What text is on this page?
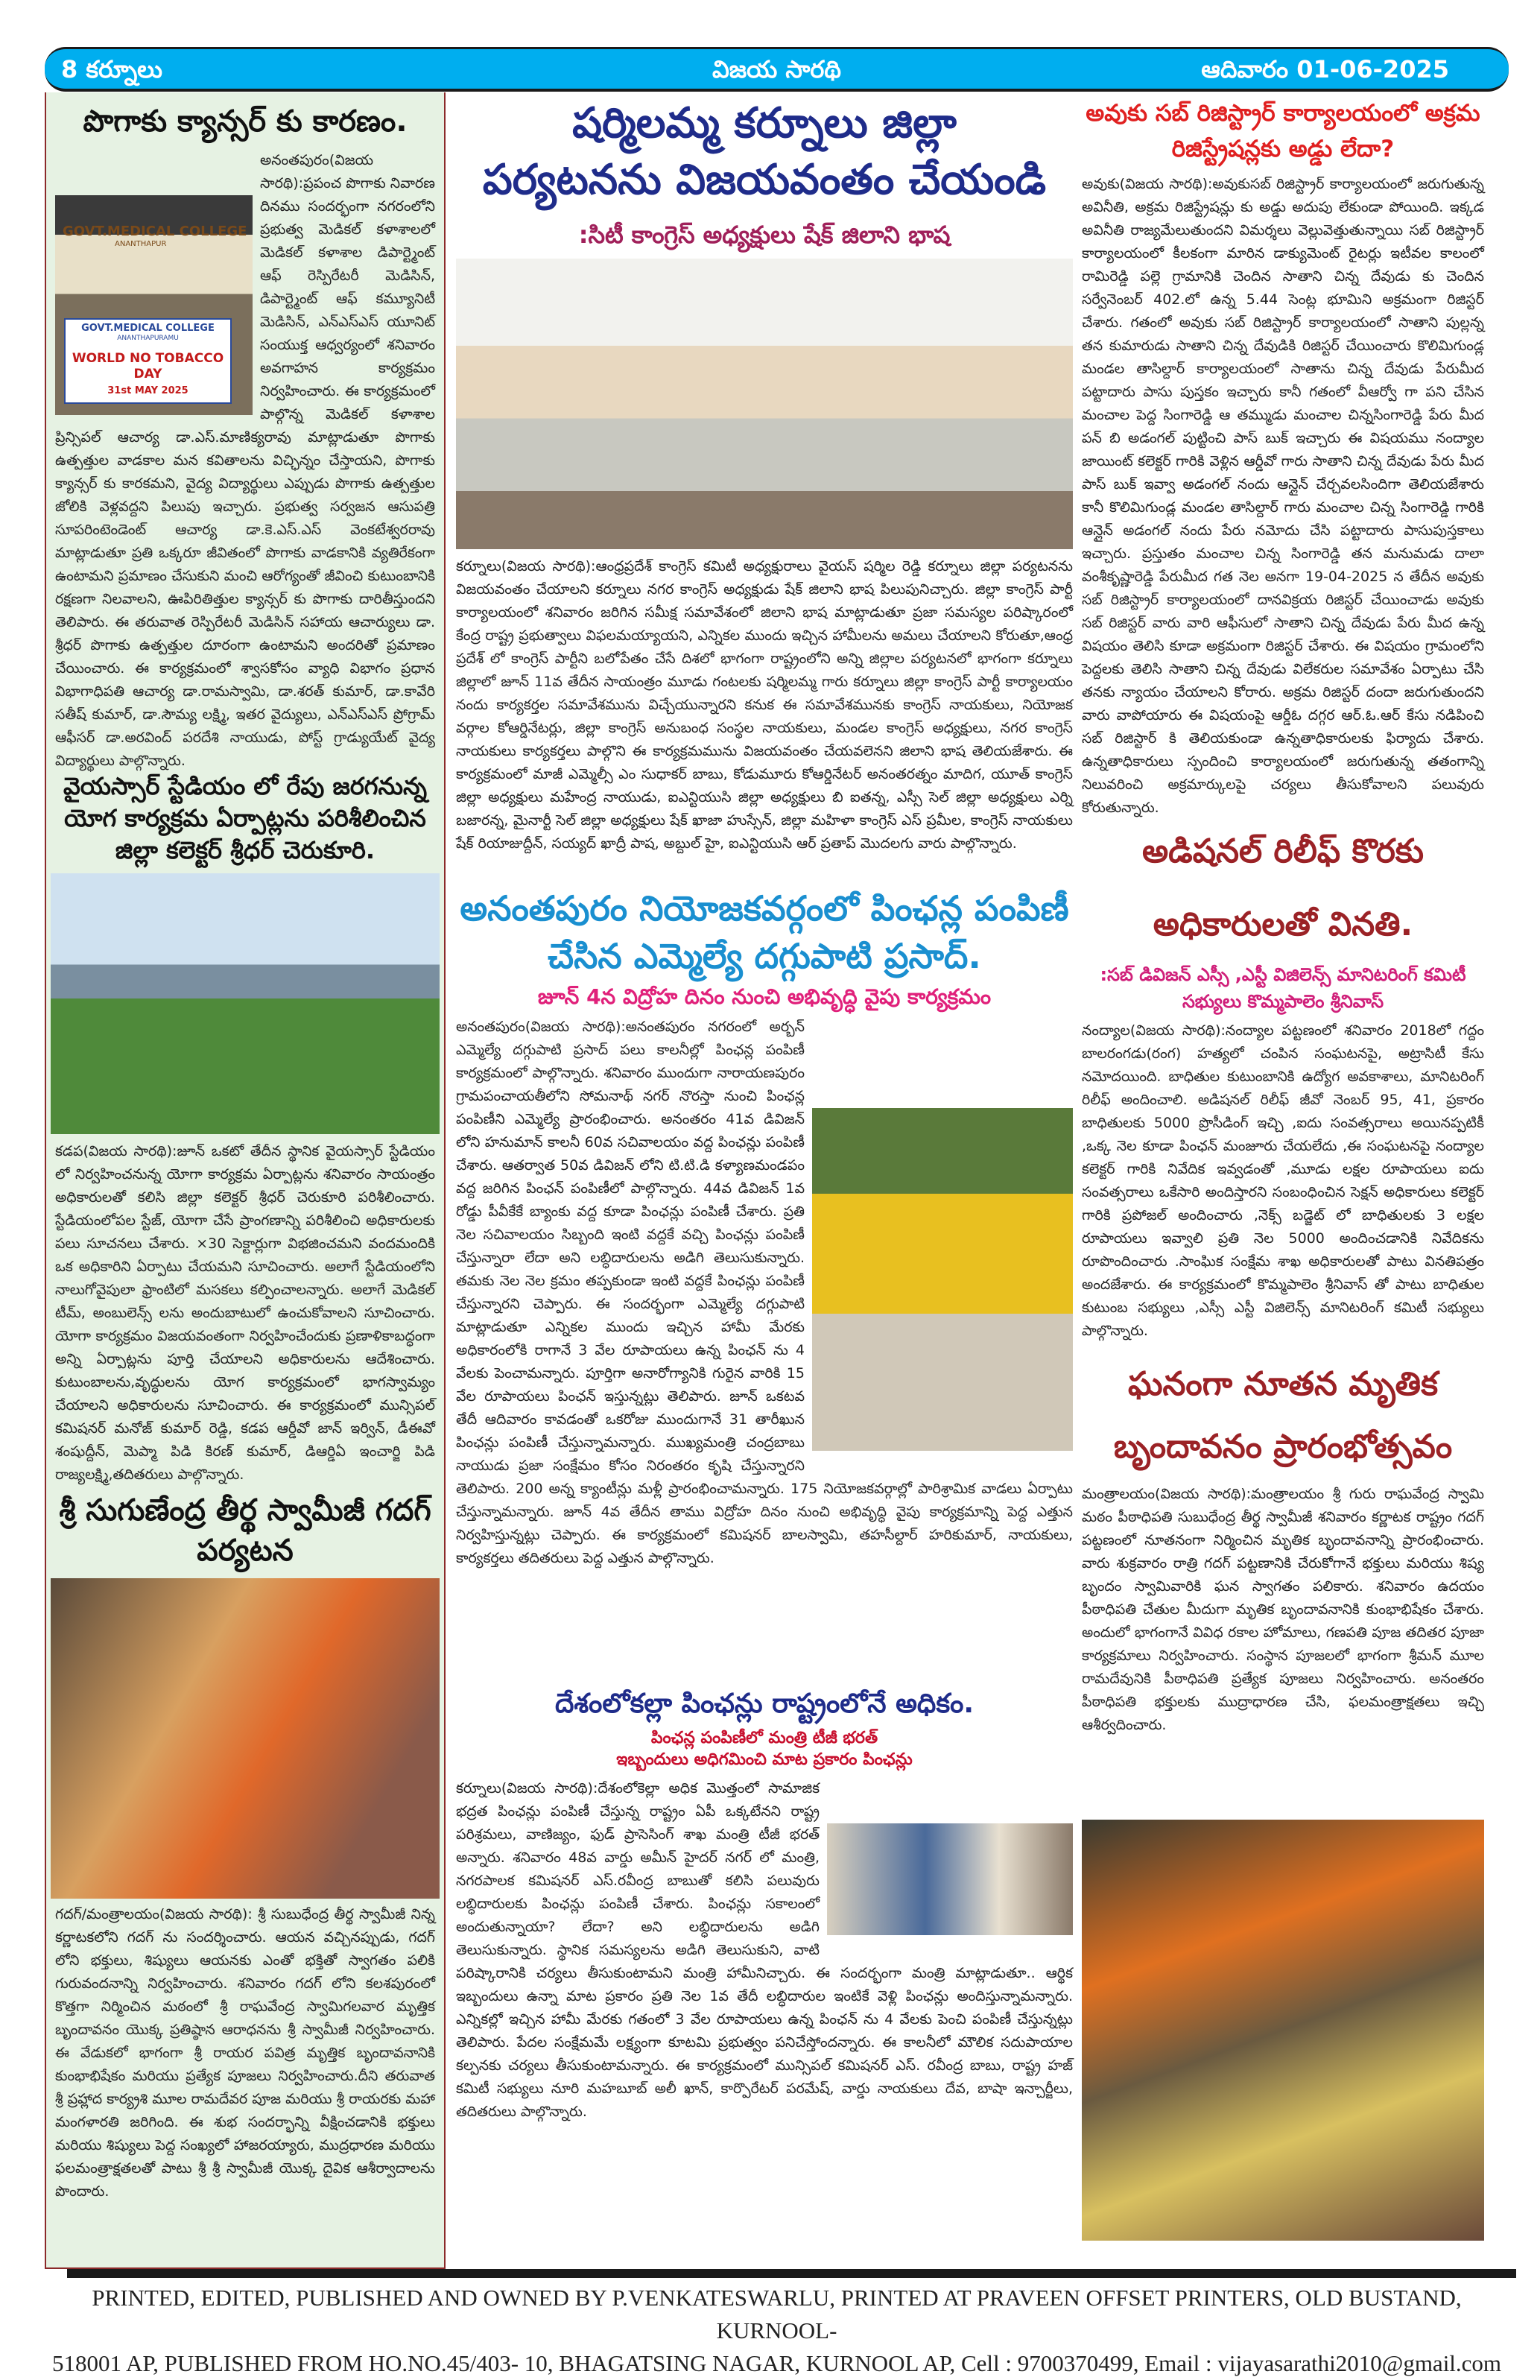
8 కర్నూలు	విజయ సారథి	ఆదివారం 01-06-2025
పొగాకు క్యాన్సర్ కు కారణం.
GOVT.MEDICAL COLLEGE
ANANTHAPUR
GOVT.MEDICAL COLLEGE
ANANTHAPURAMU
WORLD NO TOBACCO DAY
31st MAY 2025
అనంతపురం(విజయ సారథి):ప్రపంచ పొగాకు నివారణ దినము సందర్భంగా నగరంలోని ప్రభుత్వ మెడికల్ కళాశాలలో మెడికల్ కళాశాల డిపార్ట్మెంట్ ఆఫ్ రెస్పిరేటరీ మెడిసిన్, డిపార్ట్మెంట్ ఆఫ్ కమ్యూనిటీ మెడిసిన్, ఎన్ఎస్ఎస్ యూనిట్ సంయుక్త ఆధ్వర్యంలో శనివారం అవగాహన కార్యక్రమం నిర్వహించారు. ఈ కార్యక్రమంలో పాల్గొన్న మెడికల్ కళాశాల ప్రిన్సిపల్ ఆచార్య డా.ఎస్.మాణిక్యరావు మాట్లాడుతూ పొగాకు ఉత్పత్తుల వాడకాల మన కవితాలను విచ్ఛిన్నం చేస్తాయని, పొగాకు క్యాన్సర్ కు కారకమని, వైద్య విద్యార్థులు ఎప్పుడు పొగాకు ఉత్పత్తుల జోలికి వెళ్లవద్దని పిలుపు ఇచ్చారు. ప్రభుత్వ సర్వజన ఆసుపత్రి సూపరింటెండెంట్ ఆచార్య డా.కె.ఎస్.ఎస్ వెంకటేశ్వరరావు మాట్లాడుతూ ప్రతి ఒక్కరూ జీవితంలో పొగాకు వాడకానికి వ్యతిరేకంగా ఉంటామని ప్రమాణం చేసుకుని మంచి ఆరోగ్యంతో జీవించి కుటుంబానికి రక్షణగా నిలవాలని, ఊపిరితిత్తుల క్యాన్సర్ కు పొగాకు దారితీస్తుందని తెలిపారు. ఈ తరువాత రెస్పిరేటరీ మెడిసిన్ సహాయ ఆచార్యులు డా. శ్రీధర్ పొగాకు ఉత్పత్తుల దూరంగా ఉంటామని అందరితో ప్రమాణం చేయించారు. ఈ కార్యక్రమంలో శ్వాసకోసం వ్యాధి విభాగం ప్రధాన విభాగాధిపతి ఆచార్య డా.రామస్వామి, డా.శరత్ కుమార్, డా.కావేరి సతీష్ కుమార్, డా.సౌమ్య లక్ష్మి, ఇతర వైద్యులు, ఎన్ఎస్ఎస్ ప్రోగ్రామ్ ఆఫీసర్ డా.అరవింద్ పరదేశి నాయుడు, పోస్ట్ గ్రాడ్యుయేట్ వైద్య విద్యార్థులు పాల్గొన్నారు.
వైయస్సార్ స్టేడియం లో రేపు జరగనున్న యోగ కార్యక్రమ ఏర్పాట్లను పరిశీలించిన జిల్లా కలెక్టర్ శ్రీధర్ చెరుకూరి.
కడప(విజయ సారథి):జూన్ ఒకటో తేదీన స్థానిక వైయస్సార్ స్టేడియం లో నిర్వహించనున్న యోగా కార్యక్రమ ఏర్పాట్లను శనివారం సాయంత్రం అధికారులతో కలిసి జిల్లా కలెక్టర్ శ్రీధర్ చెరుకూరి పరిశీలించారు. స్టేడియంలోపల స్టేజ్, యోగా చేసే ప్రాంగణాన్ని పరిశీలించి అధికారులకు పలు సూచనలు చేశారు. ×30 సెక్టార్లుగా విభజించమని వందమందికి ఒక అధికారిని ఏర్పాటు చేయమని సూచించారు. అలాగే స్టేడియంలోని నాలుగోవైపులా ఫ్రాంటిలో మసకలు కల్పించాలన్నారు. అలాగే మెడికల్ టీమ్, అంబులెన్స్ లను అందుబాటులో ఉంచుకోవాలని సూచించారు. యోగా కార్యక్రమం విజయవంతంగా నిర్వహించేందుకు ప్రణాళికాబద్ధంగా అన్ని ఏర్పాట్లను పూర్తి చేయాలని అధికారులను ఆదేశించారు. కుటుంబాలను,వృద్ధులను యోగ కార్యక్రమంలో భాగస్వామ్యం చేయాలని అధికారులను సూచించారు. ఈ కార్యక్రమంలో మున్సిపల్ కమిషనర్ మనోజ్ కుమార్ రెడ్డి, కడప ఆర్డీవో జాన్ ఇర్విన్, డీఈవో శంషుద్దీన్, మెప్మా పిడి కిరణ్ కుమార్, డిఆర్డిఏ ఇంచార్జి పిడి రాజ్యలక్ష్మి,తదితరులు పాల్గొన్నారు.
శ్రీ సుగుణేంద్ర తీర్థ స్వామీజీ గదగ్ పర్యటన
గదగ్/మంత్రాలయం(విజయ సారథి): శ్రీ సుబుధేంద్ర తీర్థ స్వామీజీ నిన్న కర్ణాటకలోని గదగ్ ను సందర్శించారు. ఆయన వచ్చినప్పుడు, గదగ్ లోని భక్తులు, శిష్యులు ఆయనకు ఎంతో భక్తితో స్వాగతం పలికి గురువందనాన్ని నిర్వహించారు. శనివారం గదగ్ లోని కలశపురంలో కొత్తగా నిర్మించిన మఠంలో శ్రీ రాఘవేంద్ర స్వామిగలవార మృత్తిక బృందావనం యొక్క ప్రతిష్ఠాన ఆరాధనను శ్రీ స్వామీజీ నిర్వహించారు. ఈ వేడుకలో భాగంగా శ్రీ రాయర పవిత్ర మృత్తిక బృందావనానికి కుంభాభిషేకం మరియు ప్రత్యేక పూజలు నిర్వహించారు.దీని తరువాత శ్రీ ప్రహ్లాద కార్య్రశి మూల రామదేవర పూజ మరియు శ్రీ రాయరకు మహా మంగళారతి జరిగింది. ఈ శుభ సందర్భాన్ని వీక్షించడానికి భక్తులు మరియు శిష్యులు పెద్ద సంఖ్యలో హాజరయ్యారు, ముద్రధారణ మరియు ఫలమంత్రాక్షతలతో పాటు శ్రీ శ్రీ స్వామీజీ యొక్క దైవిక ఆశీర్వాదాలను పొందారు.
షర్మిలమ్మ కర్నూలు జిల్లా పర్యటనను విజయవంతం చేయండి
:సిటీ కాంగ్రెస్ అధ్యక్షులు షేక్ జిలాని భాష
కర్నూలు(విజయ సారథి):ఆంధ్రప్రదేశ్ కాంగ్రెస్ కమిటీ అధ్యక్షురాలు వైయస్ షర్మిల రెడ్డి కర్నూలు జిల్లా పర్యటనను విజయవంతం చేయాలని కర్నూలు నగర కాంగ్రెస్ అధ్యక్షుడు షేక్ జిలాని భాష పిలుపునిచ్చారు. జిల్లా కాంగ్రెస్ పార్టీ కార్యాలయంలో శనివారం జరిగిన సమీక్ష సమావేశంలో జిలాని భాష మాట్లాడుతూ ప్రజా సమస్యల పరిష్కారంలో కేంద్ర రాష్ట్ర ప్రభుత్వాలు విఫలమయ్యాయని, ఎన్నికల ముందు ఇచ్చిన హామీలను అమలు చేయాలని కోరుతూ,ఆంధ్ర ప్రదేశ్ లో కాంగ్రెస్ పార్టీని బలోపేతం చేసే దిశలో భాగంగా రాష్ట్రంలోని అన్ని జిల్లాల పర్యటనలో భాగంగా కర్నూలు జిల్లాలో జూన్ 11వ తేదీన సాయంత్రం మూడు గంటలకు షర్మిలమ్మ గారు కర్నూలు జిల్లా కాంగ్రెస్ పార్టీ కార్యాలయం నందు కార్యకర్తల సమావేశమును విచ్చేయున్నారని కనుక ఈ సమావేశమునకు కాంగ్రెస్ నాయకులు, నియోజక వర్గాల కోఆర్డినేటర్లు, జిల్లా కాంగ్రెస్ అనుబంధ సంస్థల నాయకులు, మండల కాంగ్రెస్ అధ్యక్షులు, నగర కాంగ్రెస్ నాయకులు కార్యకర్తలు పాల్గొని ఈ కార్యక్రమమును విజయవంతం చేయవలెనని జిలాని భాష తెలియజేశారు. ఈ కార్యక్రమంలో మాజీ ఎమ్మెల్సీ ఎం సుధాకర్ బాబు, కోడుమూరు కోఆర్డినేటర్ అనంతరత్నం మాదిగ, యూత్ కాంగ్రెస్ జిల్లా అధ్యక్షులు మహేంద్ర నాయుడు, ఐఎన్టియుసి జిల్లా అధ్యక్షులు బి ఐతన్న, ఎస్సీ సెల్ జిల్లా అధ్యక్షులు ఎర్ని బజారన్న, మైనార్టీ సెల్ జిల్లా అధ్యక్షులు షేక్ ఖాజా హుస్సేన్, జిల్లా మహిళా కాంగ్రెస్ ఎస్ ప్రమీల, కాంగ్రెస్ నాయకులు షేక్ రియాజుద్దీన్, సయ్యద్ ఖాద్రీ పాష, అబ్దుల్ హై, ఐఎన్టియుసి ఆర్ ప్రతాప్ మొదలగు వారు పాల్గొన్నారు.
అనంతపురం నియోజకవర్గంలో పింఛన్ల పంపిణీ చేసిన ఎమ్మెల్యే దగ్గుపాటి ప్రసాద్.
జూన్ 4న విద్రోహ దినం నుంచి అభివృద్ధి వైపు కార్యక్రమం
అనంతపురం(విజయ సారథి):అనంతపురం నగరంలో అర్బన్ ఎమ్మెల్యే దగ్గుపాటి ప్రసాద్ పలు కాలనీల్లో పింఛన్ల పంపిణీ కార్యక్రమంలో పాల్గొన్నారు. శనివారం ముందుగా నారాయణపురం గ్రామపంచాయతీలోని సోమనాథ్ నగర్ నొరస్తా నుంచి పింఛన్ల పంపిణీని ఎమ్మెల్యే ప్రారంభించారు. అనంతరం 41వ డివిజన్ లోని హనుమాన్ కాలనీ 60వ సచివాలయం వద్ద పింఛన్లు పంపిణీ చేశారు. ఆతర్వాత 50వ డివిజన్ లోని టి.టి.డి కళ్యాణమండపం వద్ద జరిగిన పింఛన్ పంపిణీలో పాల్గొన్నారు. 44వ డివిజన్ 1వ రోడ్డు పీవీకేకే బ్యాంకు వద్ద కూడా పింఛన్లు పంపిణీ చేశారు. ప్రతి నెల సచివాలయం సిబ్బంది ఇంటి వద్దకే వచ్చి పింఛన్లు పంపిణీ చేస్తున్నారా లేదా అని లబ్ధిదారులను అడిగి తెలుసుకున్నారు. తమకు నెల నెల క్రమం తప్పకుండా ఇంటి వద్దకే పింఛన్లు పంపిణీ చేస్తున్నారని చెప్పారు. ఈ సందర్భంగా ఎమ్మెల్యే దగ్గుపాటి మాట్లాడుతూ ఎన్నికల ముందు ఇచ్చిన హామీ మేరకు అధికారంలోకి రాగానే 3 వేల రూపాయలు ఉన్న పింఛన్ ను 4 వేలకు పెంచామన్నారు. పూర్తిగా అనారోగ్యానికి గురైన వారికి 15 వేల రూపాయలు పింఛన్ ఇస్తున్నట్లు తెలిపారు. జూన్ ఒకటవ తేదీ ఆదివారం కావడంతో ఒకరోజు ముందుగానే 31 తారీఖున పింఛన్లు పంపిణీ చేస్తున్నామన్నారు. ముఖ్యమంత్రి చంద్రబాబు నాయుడు ప్రజా సంక్షేమం కోసం నిరంతరం కృషి చేస్తున్నారని తెలిపారు. 200 అన్న క్యాంటీన్లు మళ్లీ ప్రారంభించామన్నారు. 175 నియోజకవర్గాల్లో పారిశ్రామిక వాడలు ఏర్పాటు చేస్తున్నామన్నారు. జూన్ 4వ తేదీన తాము విద్రోహ దినం నుంచి అభివృద్ధి వైపు కార్యక్రమాన్ని పెద్ద ఎత్తున నిర్వహిస్తున్నట్లు చెప్పారు. ఈ కార్యక్రమంలో కమిషనర్ బాలస్వామి, తహసీల్దార్ హరికుమార్, నాయకులు, కార్యకర్తలు తదితరులు పెద్ద ఎత్తున పాల్గొన్నారు.
దేశంలోకల్లా పింఛన్లు రాష్ట్రంలోనే అధికం.
పింఛన్ల పంపిణీలో మంత్రి టీజీ భరత్
ఇబ్బందులు అధిగమించి మాట ప్రకారం పింఛన్లు
కర్నూలు(విజయ సారథి):దేశంలోకెల్లా అధిక మొత్తంలో సామాజిక భద్రత పింఛన్లు పంపిణీ చేస్తున్న రాష్ట్రం ఏపీ ఒక్కటేనని రాష్ట్ర పరిశ్రమలు, వాణిజ్యం, ఫుడ్ ప్రాసెసింగ్ శాఖ మంత్రి టీజీ భరత్ అన్నారు. శనివారం 48వ వార్డు అమీన్ హైదర్ నగర్ లో మంత్రి, నగరపాలక కమిషనర్ ఎస్.రవీంద్ర బాబుతో కలిసి పలువురు లబ్ధిదారులకు పింఛన్లు పంపిణీ చేశారు. పింఛన్లు సకాలంలో అందుతున్నాయా? లేదా? అని లబ్ధిదారులను అడిగి తెలుసుకున్నారు. స్థానిక సమస్యలను అడిగి తెలుసుకుని, వాటి పరిష్కారానికి చర్యలు తీసుకుంటామని మంత్రి హామీనిచ్చారు. ఈ సందర్భంగా మంత్రి మాట్లాడుతూ.. ఆర్థిక ఇబ్బందులు ఉన్నా మాట ప్రకారం ప్రతి నెల 1వ తేదీ లబ్ధిదారుల ఇంటికే వెళ్లి పింఛన్లు అందిస్తున్నామన్నారు. ఎన్నికల్లో ఇచ్చిన హామీ మేరకు గతంలో 3 వేల రూపాయలు ఉన్న పింఛన్ ను 4 వేలకు పెంచి పంపిణీ చేస్తున్నట్లు తెలిపారు. పేదల సంక్షేమమే లక్ష్యంగా కూటమి ప్రభుత్వం పనిచేస్తోందన్నారు. ఈ కాలనీలో మౌలిక సదుపాయాల కల్పనకు చర్యలు తీసుకుంటామన్నారు. ఈ కార్యక్రమంలో మున్సిపల్ కమిషనర్ ఎస్. రవీంద్ర బాబు, రాష్ట్ర హజ్ కమిటీ సభ్యులు నూరి మహబూబ్ అలీ ఖాన్, కార్పొరేటర్ పరమేష్, వార్డు నాయకులు దేవ, బాషా ఇన్చార్జీలు, తదితరులు పాల్గొన్నారు.
అవుకు సబ్ రిజిస్ట్రార్ కార్యాలయంలో అక్రమ రిజిస్ట్రేషన్లకు అడ్డు లేదా?
అవుకు(విజయ సారథి):అవుకుసబ్ రిజిస్ట్రార్ కార్యాలయంలో జరుగుతున్న అవినీతి, అక్రమ రిజిస్ట్రేషన్లు కు అడ్డు అదుపు లేకుండా పోయింది. ఇక్కడ అవినీతి రాజ్యమేలుతుందని విమర్శలు వెల్లువెత్తుతున్నాయి సబ్ రిజిస్ట్రార్ కార్యాలయంలో కీలకంగా మారిన డాక్యుమెంట్ రైటర్లు ఇటీవల కాలంలో రామిరెడ్డి పల్లె గ్రామానికి చెందిన సాతాని చిన్న దేవుడు కు చెందిన సర్వేనెంబర్ 402.లో ఉన్న 5.44 సెంట్ల భూమిని అక్రమంగా రిజిస్టర్ చేశారు. గతంలో అవుకు సబ్ రిజిస్ట్రార్ కార్యాలయంలో సాతాని పుల్లన్న తన కుమారుడు సాతాని చిన్న దేవుడికి రిజిస్టర్ చేయించారు కొలిమిగుండ్ల మండల తాసిల్దార్ కార్యాలయంలో సాతాను చిన్న దేవుడు పేరుమీద పట్టాదారు పాసు పుస్తకం ఇచ్చారు కానీ గతంలో వీఆర్వో గా పని చేసిన మంచాల పెద్ద సింగారెడ్డి ఆ తమ్ముడు మంచాల చిన్నసింగారెడ్డి పేరు మీద పన్ బి అడంగల్ పుట్టించి పాస్ బుక్ ఇచ్చారు ఈ విషయము నంద్యాల జాయింట్ కలెక్టర్ గారికి వెళ్లిన ఆర్డీవో గారు సాతాని చిన్న దేవుడు పేరు మీద పాస్ బుక్ ఇవ్వా అడంగల్ నందు ఆన్లైన్ చేర్చవలసిందిగా తెలియజేశారు కానీ కొలిమిగుండ్ల మండల తాసిల్దార్ గారు మంచాల చిన్న సింగారెడ్డి గారికి ఆన్లైన్ అడంగల్ నందు పేరు నమోదు చేసి పట్టాదారు పాసుపుస్తకాలు ఇచ్చారు. ప్రస్తుతం మంచాల చిన్న సింగారెడ్డి తన మనుమడు దాలా వంశీకృష్ణారెడ్డి పేరుమీద గత నెల అనగా 19-04-2025 న తేదీన అవుకు సబ్ రిజిస్ట్రార్ కార్యాలయంలో దానవిక్రయ రిజిస్టర్ చేయించాడు అవుకు సబ్ రిజిస్టర్ వారు వారి ఆఫీసులో సాతాని చిన్న దేవుడు పేరు మీద ఉన్న విషయం తెలిసి కూడా అక్రమంగా రిజిస్టర్ చేశారు. ఈ విషయం గ్రామంలోని పెద్దలకు తెలిసి సాతాని చిన్న దేవుడు విలేకరుల సమావేశం ఏర్పాటు చేసి తనకు న్యాయం చేయాలని కోరారు. అక్రమ రిజిస్టర్ దందా జరుగుతుందని వారు వాపోయారు ఈ విషయంపై ఆర్డీఓ దగ్గర ఆర్.ఓ.ఆర్ కేసు నడిపించి సబ్ రిజిస్టార్ కి తెలియకుండా ఉన్నతాధికారులకు ఫిర్యాదు చేశారు. ఉన్నతాధికారులు స్పందించి కార్యాలయంలో జరుగుతున్న తతంగాన్ని నిలువరించి అక్రమార్కులపై చర్యలు తీసుకోవాలని పలువురు కోరుతున్నారు.
అడిషనల్ రిలీఫ్ కొరకు అధికారులతో వినతి.
:సబ్ డివిజన్ ఎస్సీ ,ఎస్టీ విజిలెన్స్ మానిటరింగ్ కమిటీ సభ్యులు కొమ్మపాలెం శ్రీనివాస్
నంద్యాల(విజయ సారథి):నంద్యాల పట్టణంలో శనివారం 2018లో గద్దం బాలరంగడు(రంగ) హత్యలో చంపిన సంఘటనపై, అట్రాసిటీ కేసు నమోదయింది. బాధితుల కుటుంబానికి ఉద్యోగ అవకాశాలు, మానిటరింగ్ రిలీఫ్ అందించాలి. అడిషనల్ రిలీఫ్ జీవో నెంబర్ 95, 41, ప్రకారం బాధితులకు 5000 ప్రొసీడింగ్ ఇచ్చి ,ఐదు సంవత్సరాలు అయినప్పటికీ ,ఒక్క నెల కూడా పింఛన్ మంజూరు చేయలేదు ,ఈ సంఘటనపై నంద్యాల కలెక్టర్ గారికి నివేదిక ఇవ్వడంతో ,మూడు లక్షల రూపాయలు ఐదు సంవత్సరాలు ఒకేసారి అందిస్తారని సంబంధించిన సెక్షన్ అధికారులు కలెక్టర్ గారికి ప్రపోజల్ అందించారు ,నెక్స్ బడ్జెట్ లో బాధితులకు 3 లక్షల రూపాయలు ఇవ్వాలి ప్రతి నెల 5000 అందించడానికి నివేదికను రూపొందించారు .సాంఘిక సంక్షేమ శాఖ అధికారులతో పాటు వినతిపత్రం అందజేశారు. ఈ కార్యక్రమంలో కొమ్మపాలెం శ్రీనివాస్ తో పాటు బాధితుల కుటుంబ సభ్యులు ,ఎస్సీ ఎస్టీ విజిలెన్స్ మానిటరింగ్ కమిటీ సభ్యులు పాల్గొన్నారు.
ఘనంగా నూతన మృతిక బృందావనం ప్రారంభోత్సవం
మంత్రాలయం(విజయ సారథి):మంత్రాలయం శ్రీ గురు రాఘవేంద్ర స్వామి మఠం పీఠాధిపతి సుబుధేంద్ర తీర్థ స్వామీజీ శనివారం కర్ణాటక రాష్ట్రం గదగ్ పట్టణంలో నూతనంగా నిర్మించిన మృతిక బృందావనాన్ని ప్రారంభించారు. వారు శుక్రవారం రాత్రి గదగ్ పట్టణానికి చేరుకోగానే భక్తులు మరియు శిష్య బృందం స్వామివారికి ఘన స్వాగతం పలికారు. శనివారం ఉదయం పీఠాధిపతి చేతుల మీదుగా మృతిక బృందావనానికి కుంభాభిషేకం చేశారు. అందులో భాగంగానే వివిధ రకాల హోమాలు, గణపతి పూజ తదితర పూజా కార్యక్రమాలు నిర్వహించారు. సంస్థాన పూజలలో భాగంగా శ్రీమన్ మూల రామదేవునికి పీఠాధిపతి ప్రత్యేక పూజలు నిర్వహించారు. అనంతరం పీఠాధిపతి భక్తులకు ముద్రాధారణ చేసి, ఫలమంత్రాక్షతలు ఇచ్చి ఆశీర్వదించారు.
PRINTED, EDITED, PUBLISHED AND OWNED BY P.VENKATESWARLU, PRINTED AT PRAVEEN OFFSET PRINTERS, OLD BUSTAND, KURNOOL-
518001 AP, PUBLISHED FROM HO.NO.45/403- 10, BHAGATSING NAGAR, KURNOOL AP, Cell : 9700370499, Email : vijayasarathi2010@gmail.com
